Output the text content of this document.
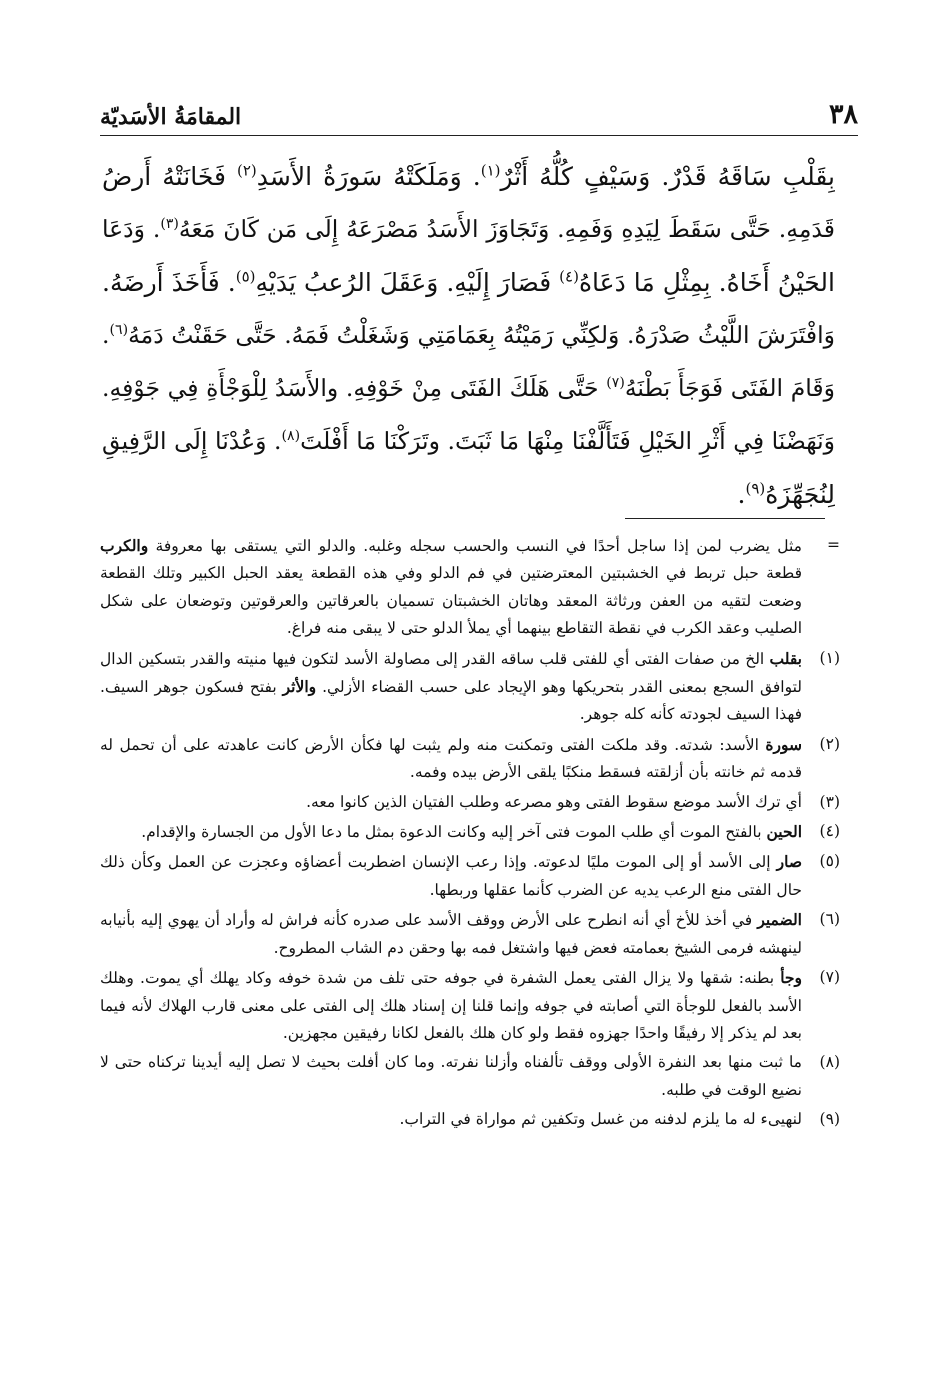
٣٨
المقامَةُ الأسَديّة
بِقَلْبِ سَاقَهُ قَدْرٌ. وَسَيْفٍ كُلُّهُ أَثْرٌ$^{(١)}$. وَمَلَكَتْهُ سَورَةُ الأَسَدِ$^{(٢)}$ فَخَانَتْهُ أَرضُ
قَدَمِهِ. حَتَّى سَقَطَ لِيَدِهِ وَفَمِهِ. وَتَجَاوَزَ الأَسَدُ مَصْرَعَهُ إِلَى مَن كَانَ مَعَهُ$^{(٣)}$. وَدَعَا
الحَيْنُ أَخَاهُ. بِمِثْلِ مَا دَعَاهُ$^{(٤)}$ فَصَارَ إِلَيْهِ. وَعَقَلَ الرُعبُ يَدَيْهِ$^{(٥)}$. فَأَخَذَ أَرضَهُ.
وَافْتَرَشَ اللَّيْثُ صَدْرَهُ. وَلكِنِّي رَمَيْتُهُ بِعَمَامَتِي وَشَغَلْتُ فَمَهُ. حَتَّى حَقَنْتُ دَمَهُ$^{(٦)}$.
وَقَامَ الفَتَى فَوَجَأَ بَطْنَهُ$^{(٧)}$ حَتَّى هَلَكَ الفَتَى مِنْ خَوْفِهِ. والأَسَدُ لِلْوَجْأَةِ فِي جَوْفِهِ.
وَنَهَضْنَا فِي أَثْرِ الخَيْلِ فَتَأَلَّفْنَا مِنْهَا مَا ثَبَتَ. وتَرَكْنَا مَا أَفْلَتَ$^{(٨)}$. وَعُدْنَا إِلَى الرَّفِيقِ
لِنُجَهِّزَهُ$^{(٩)}$.
=
مثل يضرب لمن إذا ساجل أحدًا في النسب والحسب سجله وغلبه. والدلو التي يستقى بها معروفة والكرب قطعة حبل تربط في الخشبتين المعترضتين في فم الدلو وفي هذه القطعة يعقد الحبل الكبير وتلك القطعة وضعت لتقيه من العفن ورثاثة المعقد وهاتان الخشبتان تسميان بالعرقاتين والعرقوتين وتوضعان على شكل الصليب وعقد الكرب في نقطة التقاطع بينهما أي يملأ الدلو حتى لا يبقى منه فراغ.
(١)
بقلب الخ من صفات الفتى أي للفتى قلب ساقه القدر إلى مصاولة الأسد لتكون فيها منيته والقدر بتسكين الدال لتوافق السجع بمعنى القدر بتحريكها وهو الإيجاد على حسب القضاء الأزلي. والأثر بفتح فسكون جوهر السيف. فهذا السيف لجودته كأنه كله جوهر.
(٢)
سورة الأسد: شدته. وقد ملكت الفتى وتمكنت منه ولم يثبت لها فكأن الأرض كانت عاهدته على أن تحمل له قدمه ثم خانته بأن أزلقته فسقط منكبًا يلقى الأرض بيده وفمه.
(٣)
أي ترك الأسد موضع سقوط الفتى وهو مصرعه وطلب الفتيان الذين كانوا معه.
(٤)
الحين بالفتح الموت أي طلب الموت فتى آخر إليه وكانت الدعوة بمثل ما دعا الأول من الجسارة والإقدام.
(٥)
صار إلى الأسد أو إلى الموت مليًا لدعوته. وإذا رعب الإنسان اضطربت أعضاؤه وعجزت عن العمل وكأن ذلك حال الفتى منع الرعب يديه عن الضرب كأنما عقلها وربطها.
(٦)
الضمير في أخذ للأخ أي أنه انطرح على الأرض ووقف الأسد على صدره كأنه فراش له وأراد أن يهوي إليه بأنيابه لينهشه فرمى الشيخ بعمامته فعض فيها واشتغل فمه بها وحقن دم الشاب المطروح.
(٧)
وجأ بطنه: شقها ولا يزال الفتى يعمل الشفرة في جوفه حتى تلف من شدة خوفه وكاد يهلك أي يموت. وهلك الأسد بالفعل للوجأة التي أصابته في جوفه وإنما قلنا إن إسناد هلك إلى الفتى على معنى قارب الهلاك لأنه فيما بعد لم يذكر إلا رفيقًا واحدًا جهزوه فقط ولو كان هلك بالفعل لكانا رفيقين مجهزين.
(٨)
ما ثبت منها بعد النفرة الأولى ووقف تألفناه وأزلنا نفرته. وما كان أفلت بحيث لا تصل إليه أيدينا تركناه حتى لا نضيع الوقت في طلبه.
(٩)
لنهيىء له ما يلزم لدفنه من غسل وتكفين ثم مواراة في التراب.
